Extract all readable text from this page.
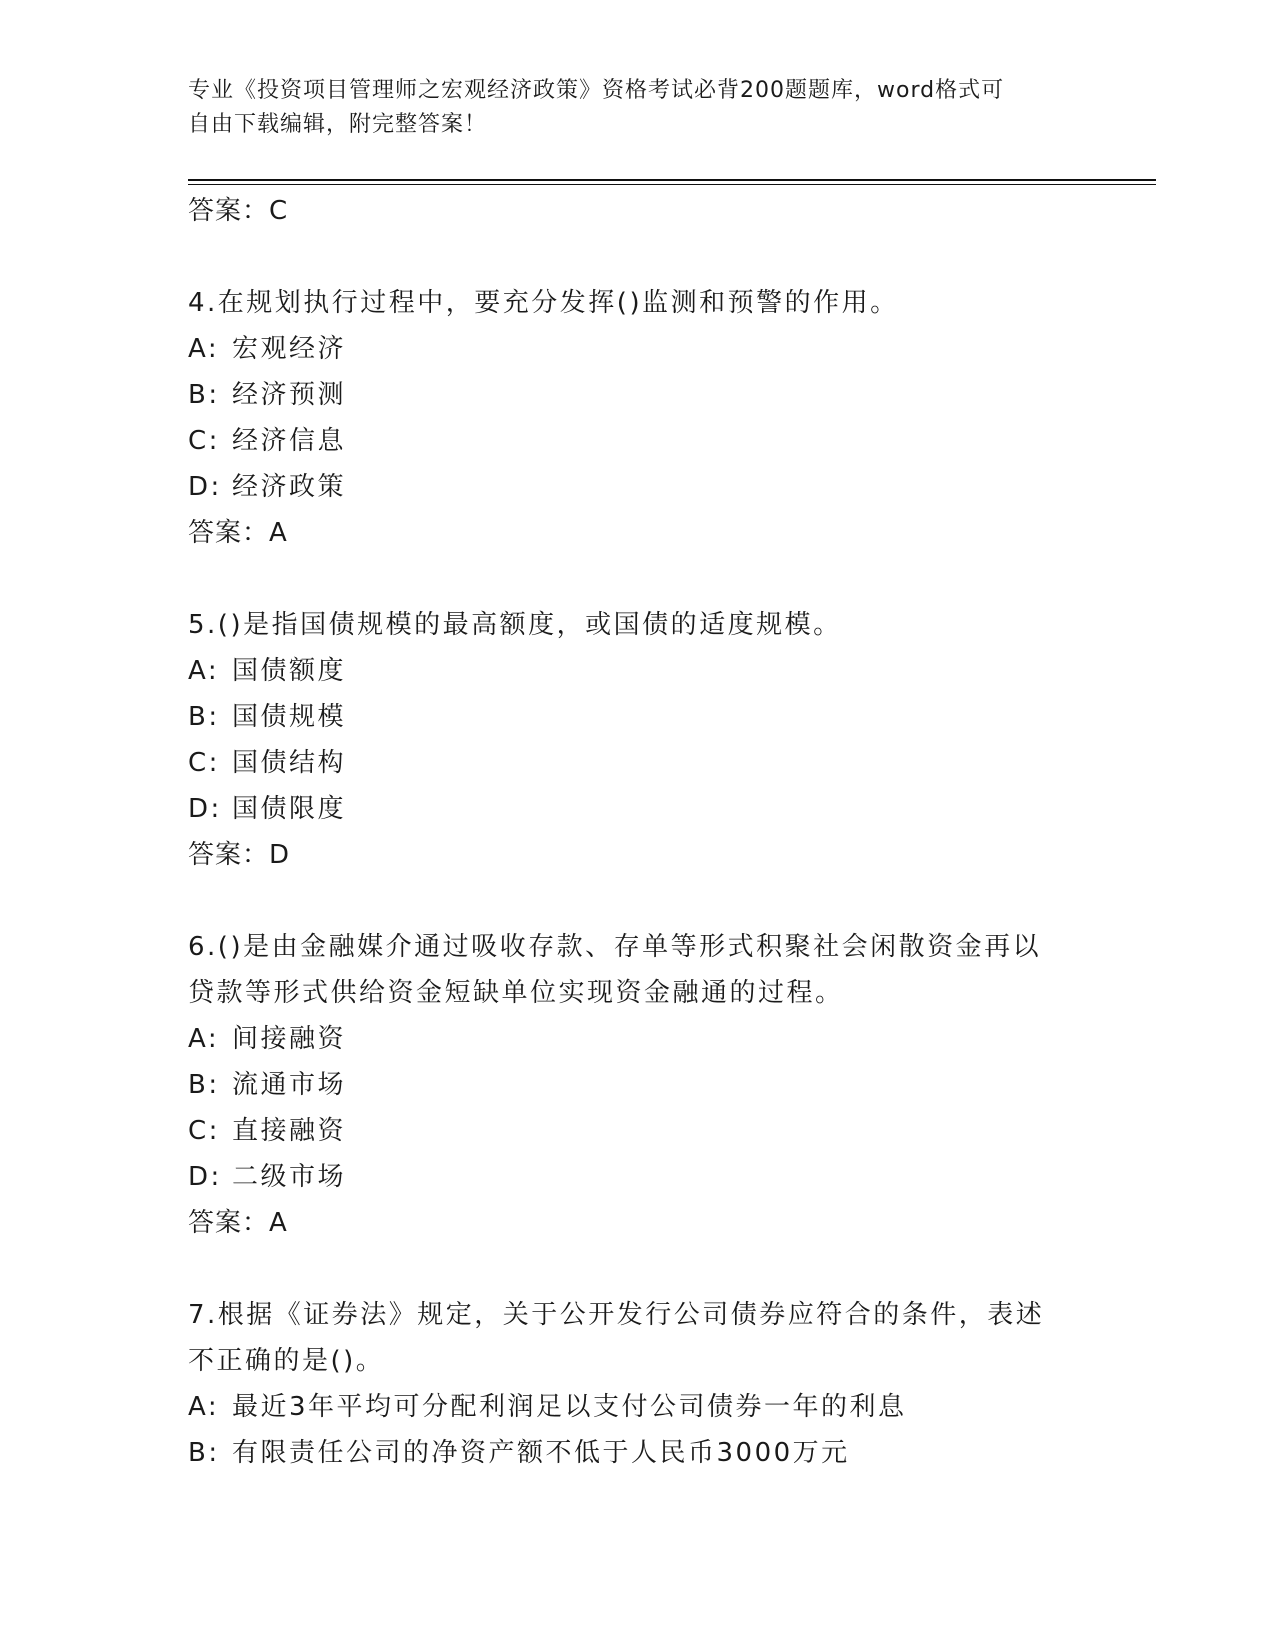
专业《投资项目管理师之宏观经济政策》资格考试必背200题题库，word格式可
自由下载编辑，附完整答案！
答案：C
4.在规划执行过程中，要充分发挥()监测和预警的作用。
A: 宏观经济
B: 经济预测
C: 经济信息
D: 经济政策
答案：A
5.()是指国债规模的最高额度，或国债的适度规模。
A: 国债额度
B: 国债规模
C: 国债结构
D: 国债限度
答案：D
6.()是由金融媒介通过吸收存款、存单等形式积聚社会闲散资金再以贷款等形式供给资金短缺单位实现资金融通的过程。
A: 间接融资
B: 流通市场
C: 直接融资
D: 二级市场
答案：A
7.根据《证券法》规定，关于公开发行公司债券应符合的条件，表述不正确的是()。
A: 最近3年平均可分配利润足以支付公司债券一年的利息
B: 有限责任公司的净资产额不低于人民币3000万元
